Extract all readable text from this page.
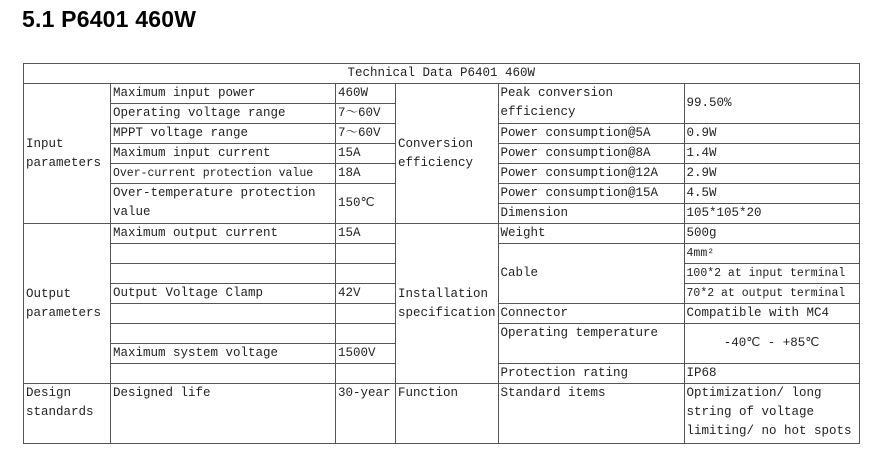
5.1 P6401 460W
Technical Data P6401 460W					
Input parameters	Maximum input power	460W	Conversion efficiency	Peak conversion efficiency	99.50%
	Operating voltage range	7～60V			
	MPPT voltage range	7～60V		Power consumption@5A	0.9W
	Maximum input current	15A		Power consumption@8A	1.4W
	Over-current protection value	18A		Power consumption@12A	2.9W
	Over-temperature protection value	150℃		Power consumption@15A	4.5W
				Dimension	105*105*20
Output parameters	Maximum output current	15A	Installation specification	Weight	500g
				Cable	4mm²
					100*2 at input terminal
	Output Voltage Clamp	42V			70*2 at output terminal
				Connector	Compatible with MC4
				Operating temperature	-40℃ - +85℃
	Maximum system voltage	1500V			
				Protection rating	IP68
Design standards	Designed life	30-year	Function	Standard items	Optimization/ long string of voltage limiting/ no hot spots
